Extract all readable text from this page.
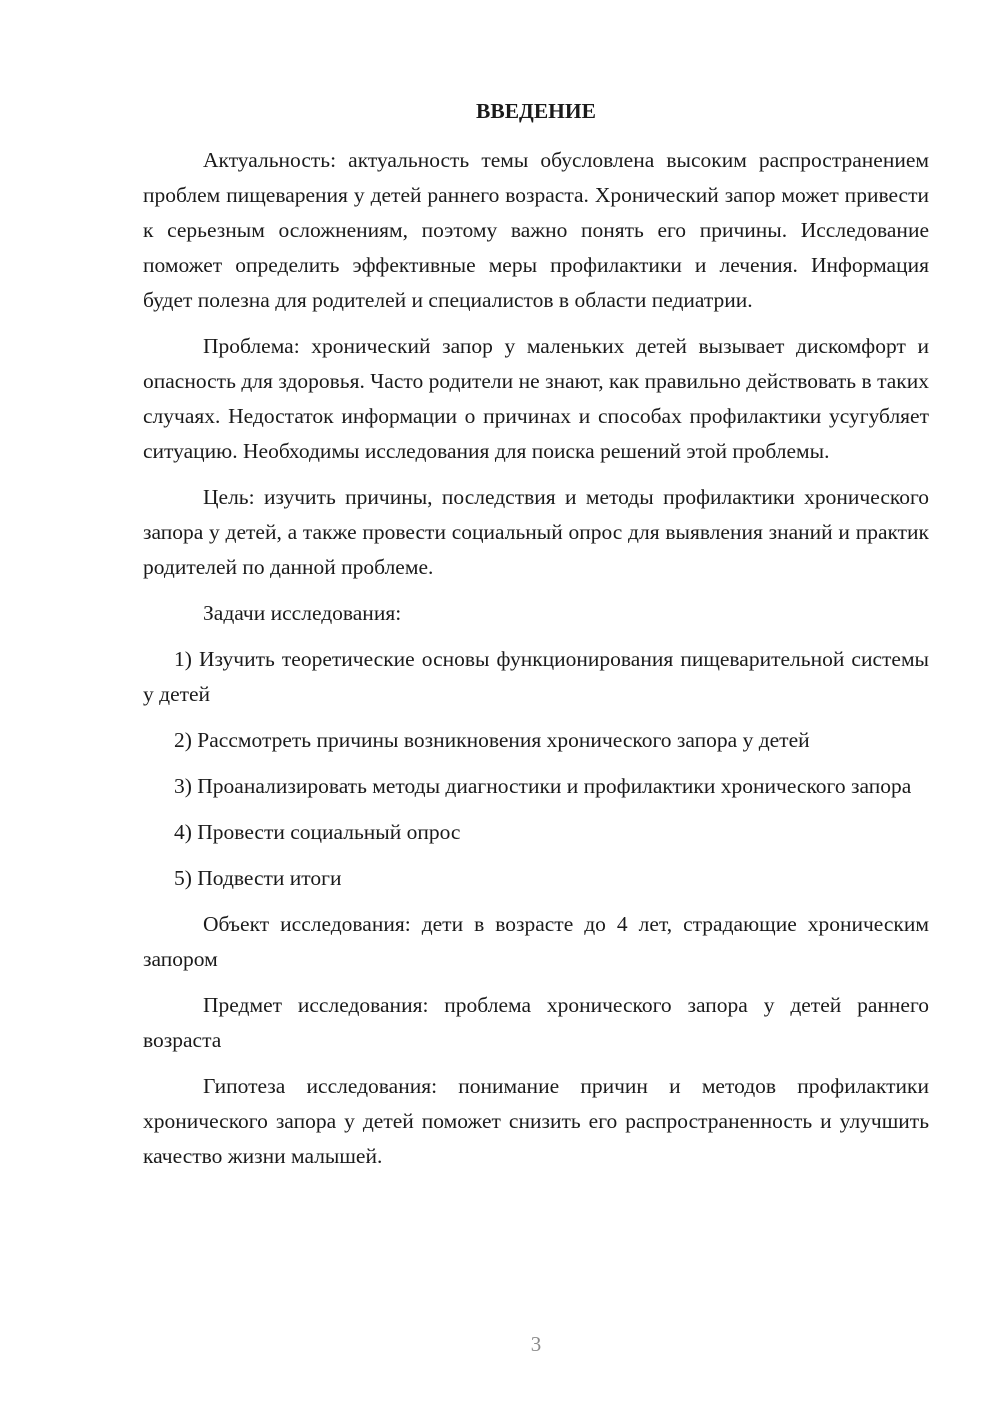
ВВЕДЕНИЕ
Актуальность: актуальность темы обусловлена высоким распространением проблем пищеварения у детей раннего возраста. Хронический запор может привести к серьезным осложнениям, поэтому важно понять его причины. Исследование поможет определить эффективные меры профилактики и лечения. Информация будет полезна для родителей и специалистов в области педиатрии.
Проблема: хронический запор у маленьких детей вызывает дискомфорт и опасность для здоровья. Часто родители не знают, как правильно действовать в таких случаях. Недостаток информации о причинах и способах профилактики усугубляет ситуацию. Необходимы исследования для поиска решений этой проблемы.
Цель: изучить причины, последствия и методы профилактики хронического запора у детей, а также провести социальный опрос для выявления знаний и практик родителей по данной проблеме.
Задачи исследования:
1) Изучить теоретические основы функционирования пищеварительной системы у детей
2) Рассмотреть причины возникновения хронического запора у детей
3) Проанализировать методы диагностики и профилактики хронического запора
4) Провести социальный опрос
5) Подвести итоги
Объект исследования: дети в возрасте до 4 лет, страдающие хроническим запором
Предмет исследования: проблема хронического запора у детей раннего возраста
Гипотеза исследования: понимание причин и методов профилактики хронического запора у детей поможет снизить его распространенность и улучшить качество жизни малышей.
3
